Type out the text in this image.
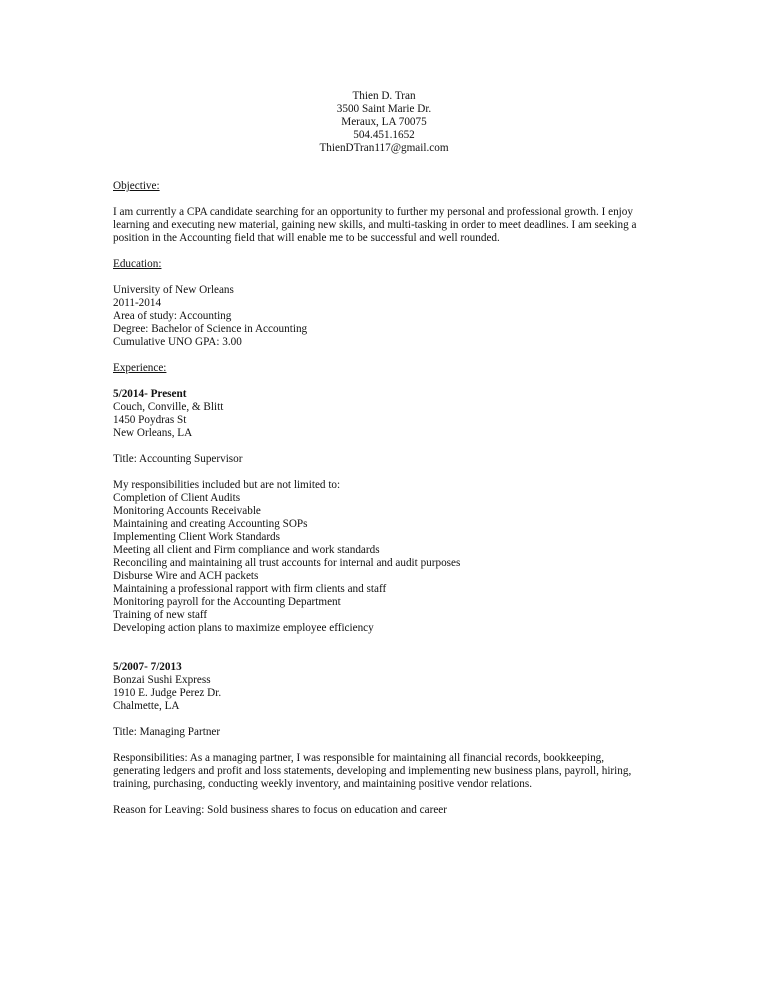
Thien D. Tran
3500 Saint Marie Dr.
Meraux, LA 70075
504.451.1652
ThienDTran117@gmail.com
Objective:
I am currently a CPA candidate searching for an opportunity to further my personal and professional growth. I enjoy
learning and executing new material, gaining new skills, and multi-tasking in order to meet deadlines. I am seeking a
position in the Accounting field that will enable me to be successful and well rounded.
Education:
University of New Orleans
2011-2014
Area of study: Accounting
Degree: Bachelor of Science in Accounting
Cumulative UNO GPA: 3.00
Experience:
5/2014- Present
Couch, Conville, & Blitt
1450 Poydras St
New Orleans, LA
Title: Accounting Supervisor
My responsibilities included but are not limited to:
Completion of Client Audits
Monitoring Accounts Receivable
Maintaining and creating Accounting SOPs
Implementing Client Work Standards
Meeting all client and Firm compliance and work standards
Reconciling and maintaining all trust accounts for internal and audit purposes
Disburse Wire and ACH packets
Maintaining a professional rapport with firm clients and staff
Monitoring payroll for the Accounting Department
Training of new staff
Developing action plans to maximize employee efficiency
5/2007- 7/2013
Bonzai Sushi Express
1910 E. Judge Perez Dr.
Chalmette, LA
Title: Managing Partner
Responsibilities: As a managing partner, I was responsible for maintaining all financial records, bookkeeping,
generating ledgers and profit and loss statements, developing and implementing new business plans, payroll, hiring,
training, purchasing, conducting weekly inventory, and maintaining positive vendor relations.
Reason for Leaving: Sold business shares to focus on education and career
